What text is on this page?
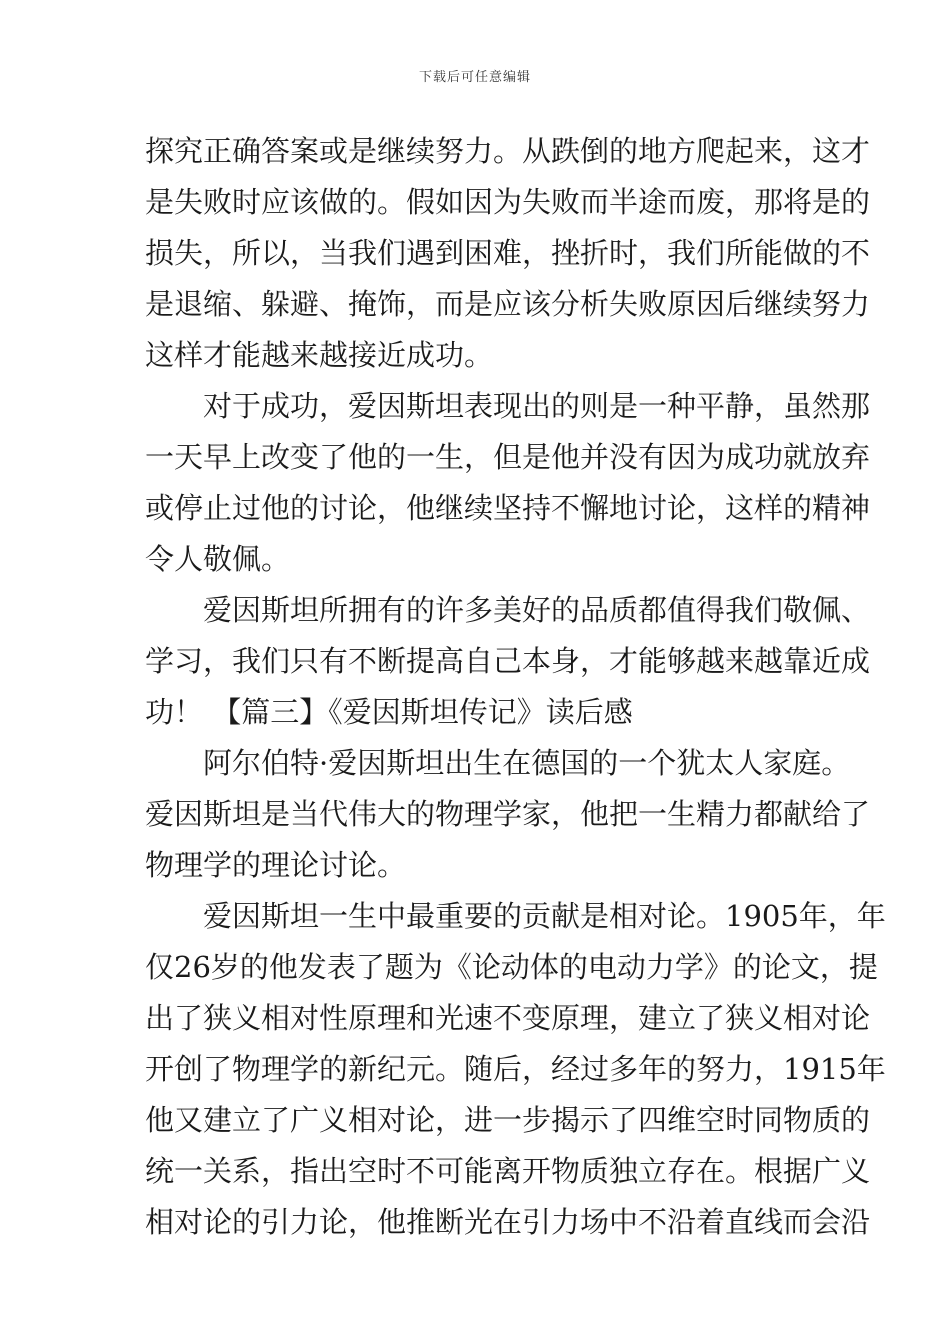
下载后可任意编辑
探究正确答案或是继续努力。从跌倒的地方爬起来，这才
是失败时应该做的。假如因为失败而半途而废，那将是的
损失，所以，当我们遇到困难，挫折时，我们所能做的不
是退缩、躲避、掩饰，而是应该分析失败原因后继续努力
这样才能越来越接近成功。
对于成功，爱因斯坦表现出的则是一种平静，虽然那
一天早上改变了他的一生，但是他并没有因为成功就放弃
或停止过他的讨论，他继续坚持不懈地讨论，这样的精神
令人敬佩。
爱因斯坦所拥有的许多美好的品质都值得我们敬佩、
学习，我们只有不断提高自己本身，才能够越来越靠近成
功！ 【篇三】《爱因斯坦传记》读后感
阿尔伯特·爱因斯坦出生在德国的一个犹太人家庭。
爱因斯坦是当代伟大的物理学家，他把一生精力都献给了
物理学的理论讨论。
爱因斯坦一生中最重要的贡献是相对论。1905年，年
仅26岁的他发表了题为《论动体的电动力学》的论文，提
出了狭义相对性原理和光速不变原理，建立了狭义相对论
开创了物理学的新纪元。随后，经过多年的努力，1915年
他又建立了广义相对论，进一步揭示了四维空时同物质的
统一关系，指出空时不可能离开物质独立存在。根据广义
相对论的引力论，他推断光在引力场中不沿着直线而会沿
